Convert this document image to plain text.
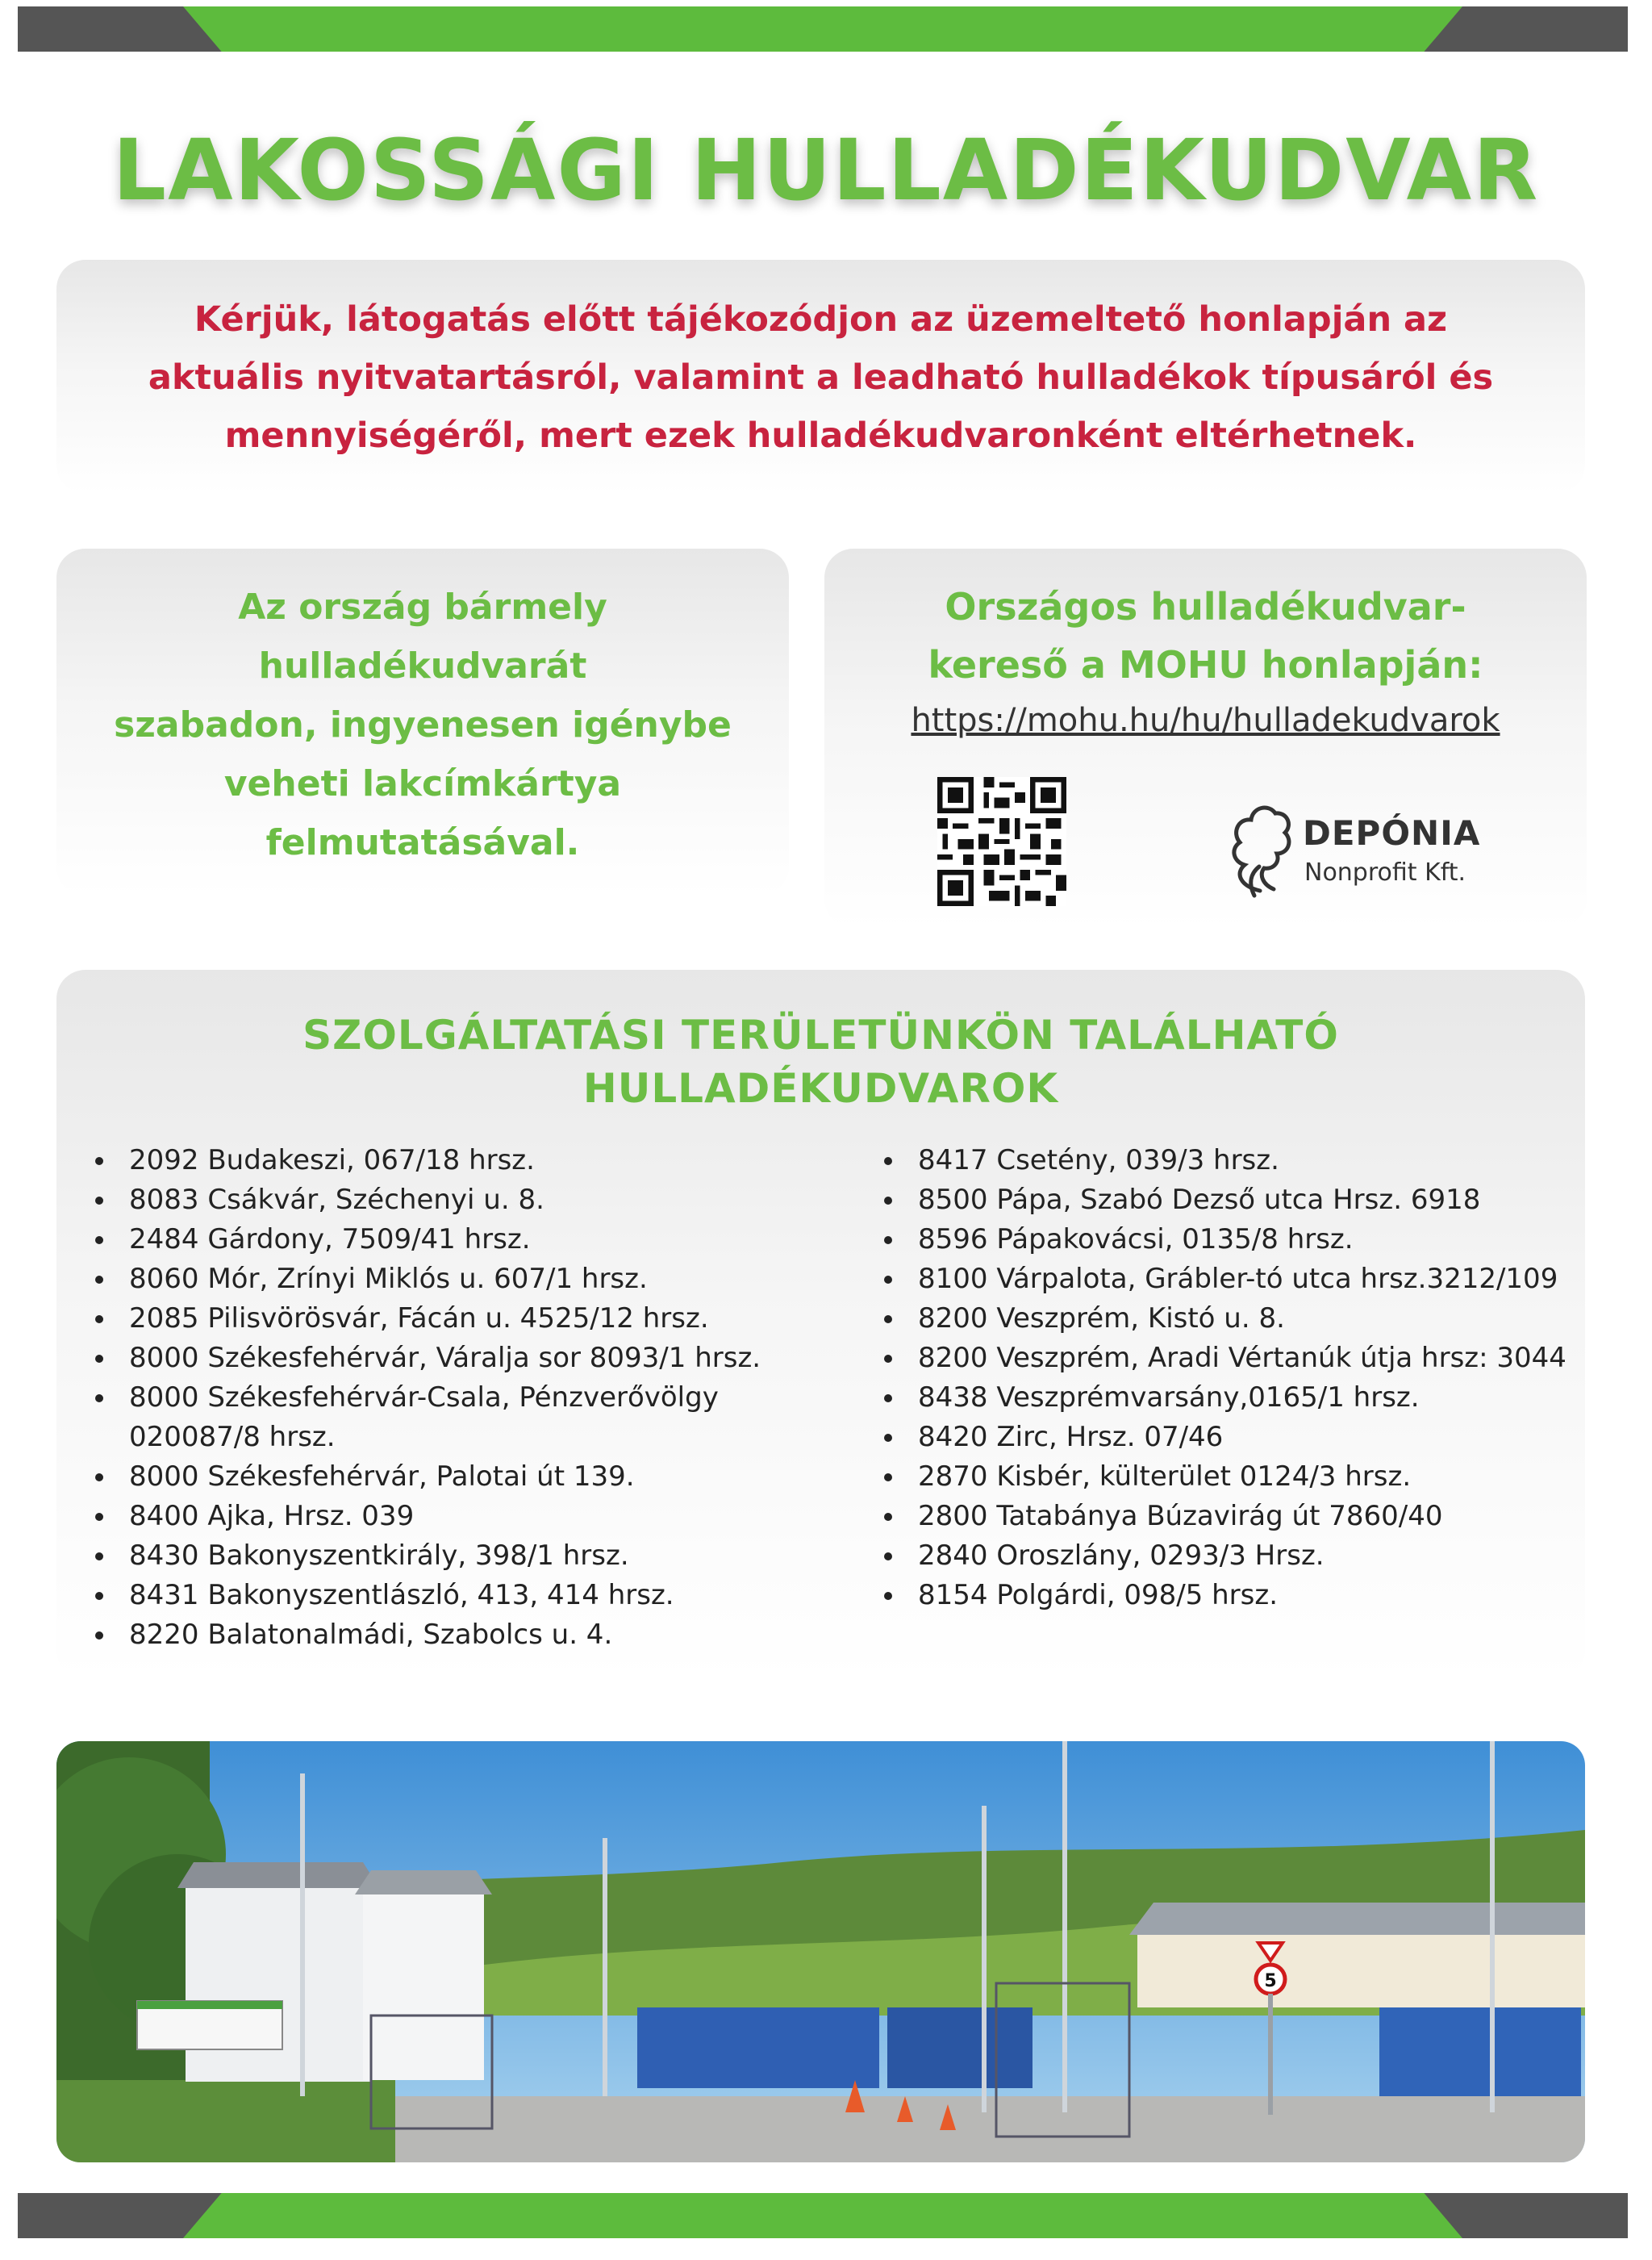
LAKOSSÁGI HULLADÉKUDVAR
Kérjük, látogatás előtt tájékozódjon az üzemeltető honlapján az
aktuális nyitvatartásról, valamint a leadható hulladékok típusáról és
mennyiségéről, mert ezek hulladékudvaronként eltérhetnek.
Az ország bármely
hulladékudvarát
szabadon, ingyenesen igénybe
veheti lakcímkártya
felmutatásával.
Országos hulladékudvar-
kereső a MOHU honlapján:
https://mohu.hu/hu/hulladekudvarok
DEPÓNIA
Nonprofit Kft.
SZOLGÁLTATÁSI TERÜLETÜNKÖN TALÁLHATÓ
HULLADÉKUDVAROK
2092 Budakeszi, 067/18 hrsz.
8083 Csákvár, Széchenyi u. 8.
2484 Gárdony, 7509/41 hrsz.
8060 Mór, Zrínyi Miklós u. 607/1 hrsz.
2085 Pilisvörösvár, Fácán u. 4525/12 hrsz.
8000 Székesfehérvár, Váralja sor 8093/1 hrsz.
8000 Székesfehérvár-Csala, Pénzverővölgy 020087/8 hrsz.
8000 Székesfehérvár, Palotai út 139.
8400 Ajka, Hrsz. 039
8430 Bakonyszentkirály, 398/1 hrsz.
8431 Bakonyszentlászló, 413, 414 hrsz.
8220 Balatonalmádi, Szabolcs u. 4.
8417 Csetény, 039/3 hrsz.
8500 Pápa, Szabó Dezső utca Hrsz. 6918
8596 Pápakovácsi, 0135/8 hrsz.
8100 Várpalota, Grábler-tó utca hrsz.3212/109
8200 Veszprém, Kistó u. 8.
8200 Veszprém, Aradi Vértanúk útja hrsz: 3044
8438 Veszprémvarsány,0165/1 hrsz.
8420 Zirc, Hrsz. 07/46
2870 Kisbér, külterület 0124/3 hrsz.
2800 Tatabánya Búzavirág út 7860/40
2840 Oroszlány, 0293/3 Hrsz.
8154 Polgárdi, 098/5 hrsz.
5
